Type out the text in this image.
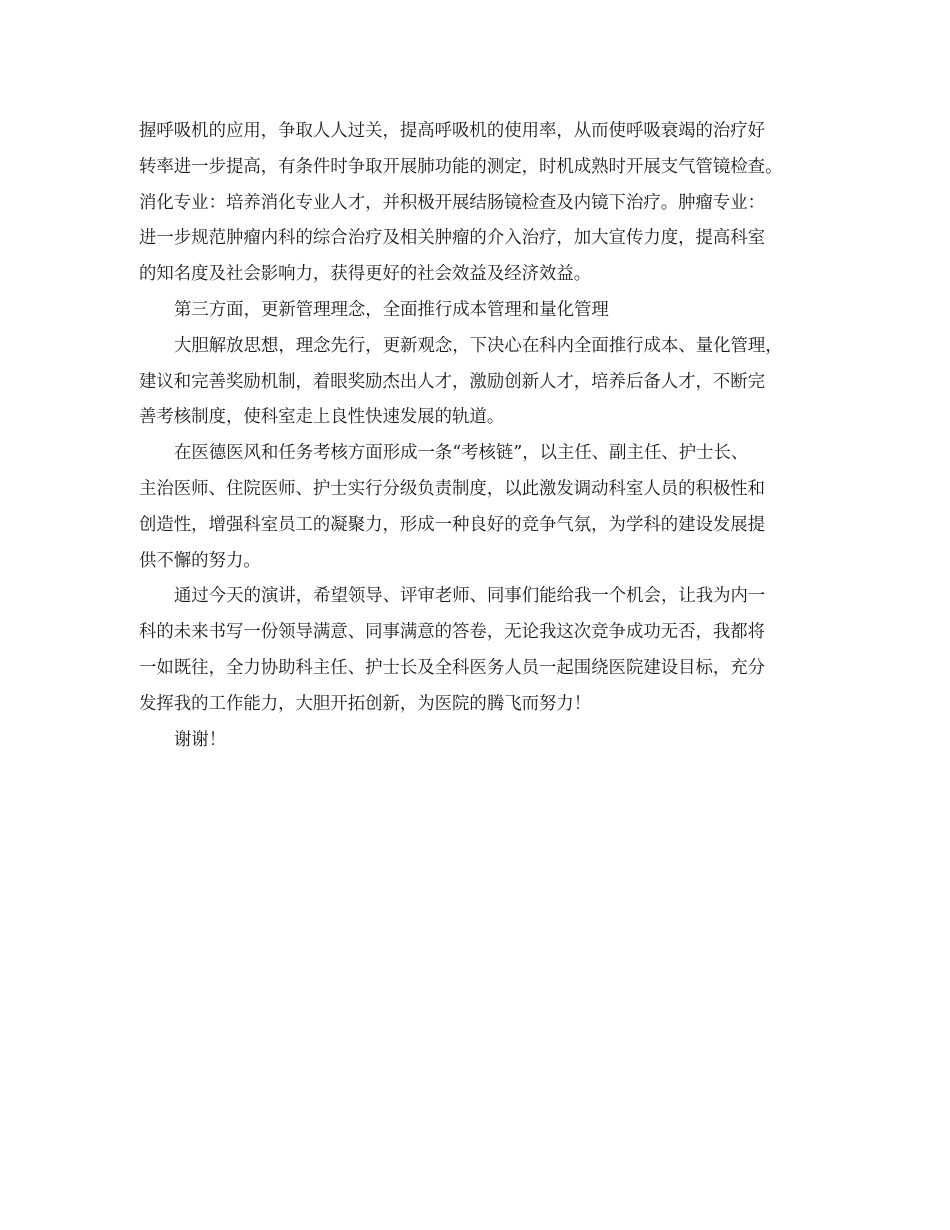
握呼吸机的应用，争取人人过关，提高呼吸机的使用率，从而使呼吸衰竭的治疗好
转率进一步提高，有条件时争取开展肺功能的测定，时机成熟时开展支气管镜检查。
消化专业：培养消化专业人才，并积极开展结肠镜检查及内镜下治疗。肿瘤专业：
进一步规范肿瘤内科的综合治疗及相关肿瘤的介入治疗，加大宣传力度，提高科室
的知名度及社会影响力，获得更好的社会效益及经济效益。
第三方面，更新管理理念，全面推行成本管理和量化管理
大胆解放思想，理念先行，更新观念，下决心在科内全面推行成本、量化管理，
建议和完善奖励机制，着眼奖励杰出人才，激励创新人才，培养后备人才，不断完
善考核制度，使科室走上良性快速发展的轨道。
在医德医风和任务考核方面形成一条“考核链”，以主任、副主任、护士长、
主治医师、住院医师、护士实行分级负责制度，以此激发调动科室人员的积极性和
创造性，增强科室员工的凝聚力，形成一种良好的竞争气氛，为学科的建设发展提
供不懈的努力。
通过今天的演讲，希望领导、评审老师、同事们能给我一个机会，让我为内一
科的未来书写一份领导满意、同事满意的答卷，无论我这次竞争成功无否，我都将
一如既往，全力协助科主任、护士长及全科医务人员一起围绕医院建设目标，充分
发挥我的工作能力，大胆开拓创新，为医院的腾飞而努力！
谢谢！
